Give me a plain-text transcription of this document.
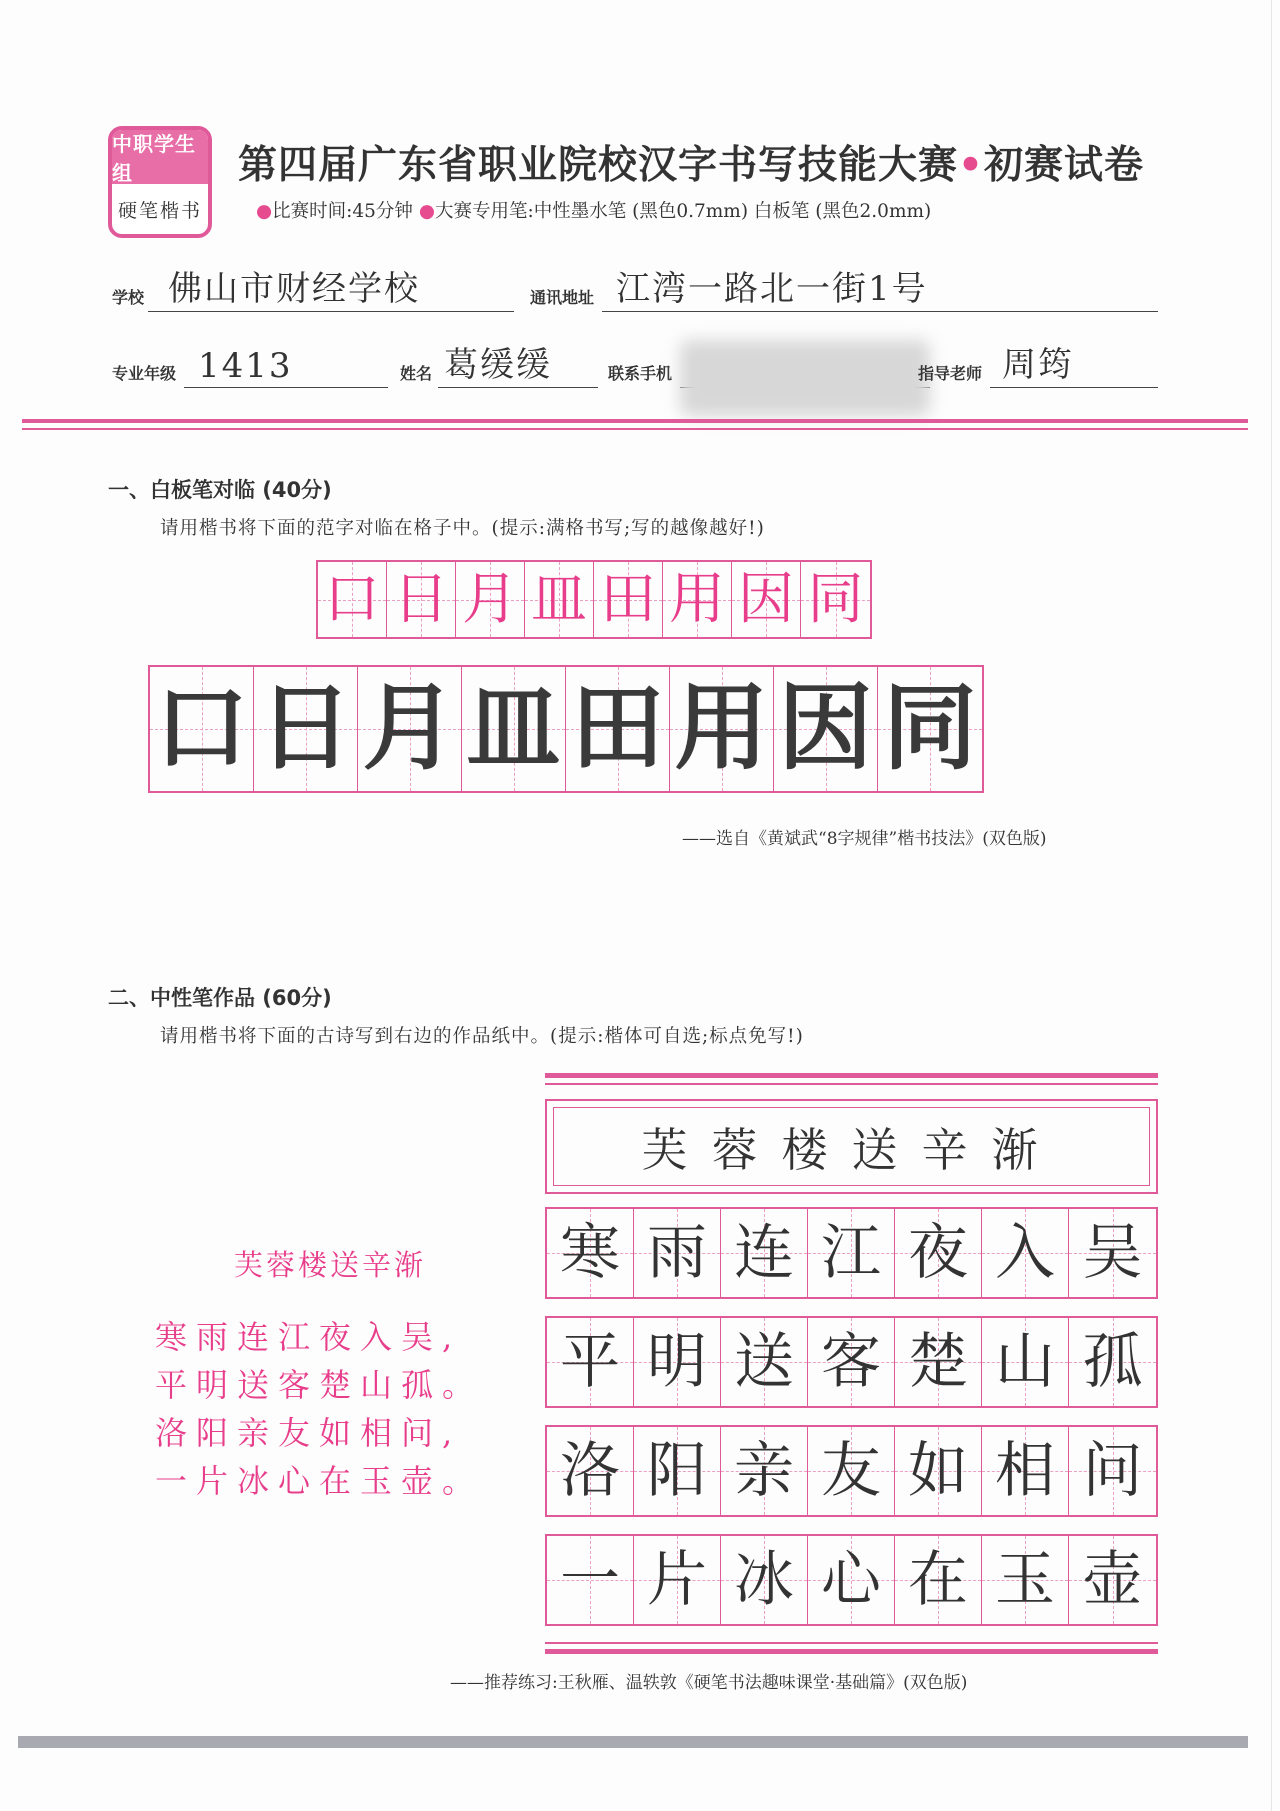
中职学生组
硬笔楷书
第四届广东省职业院校汉字书写技能大赛•初赛试卷
●比赛时间:45分钟 ●大赛专用笔:中性墨水笔 (黑色0.7mm) 白板笔 (黑色2.0mm)
学校 佛山市财经学校	通讯地址 江湾一路北一街1号
专业年级 1413	姓名 葛缓缓	联系手机	指导老师 周筠
一、白板笔对临 (40分)
请用楷书将下面的范字对临在格子中。(提示:满格书写;写的越像越好!)
口 日 月 皿 田 用 因 同
口 日 月 皿 田 用 因 同
——选自《黄斌武“8字规律”楷书技法》(双色版)
二、中性笔作品 (60分)
请用楷书将下面的古诗写到右边的作品纸中。(提示:楷体可自选;标点免写!)
芙蓉楼送辛渐
寒雨连江夜入吴,
平明送客楚山孤。
洛阳亲友如相问,
一片冰心在玉壶。
芙蓉楼送辛渐
寒 雨 连 江 夜 入 吴
平 明 送 客 楚 山 孤
洛 阳 亲 友 如 相 问
一 片 冰 心 在 玉 壶
——推荐练习:王秋雁、温轶敦《硬笔书法趣味课堂·基础篇》(双色版)
